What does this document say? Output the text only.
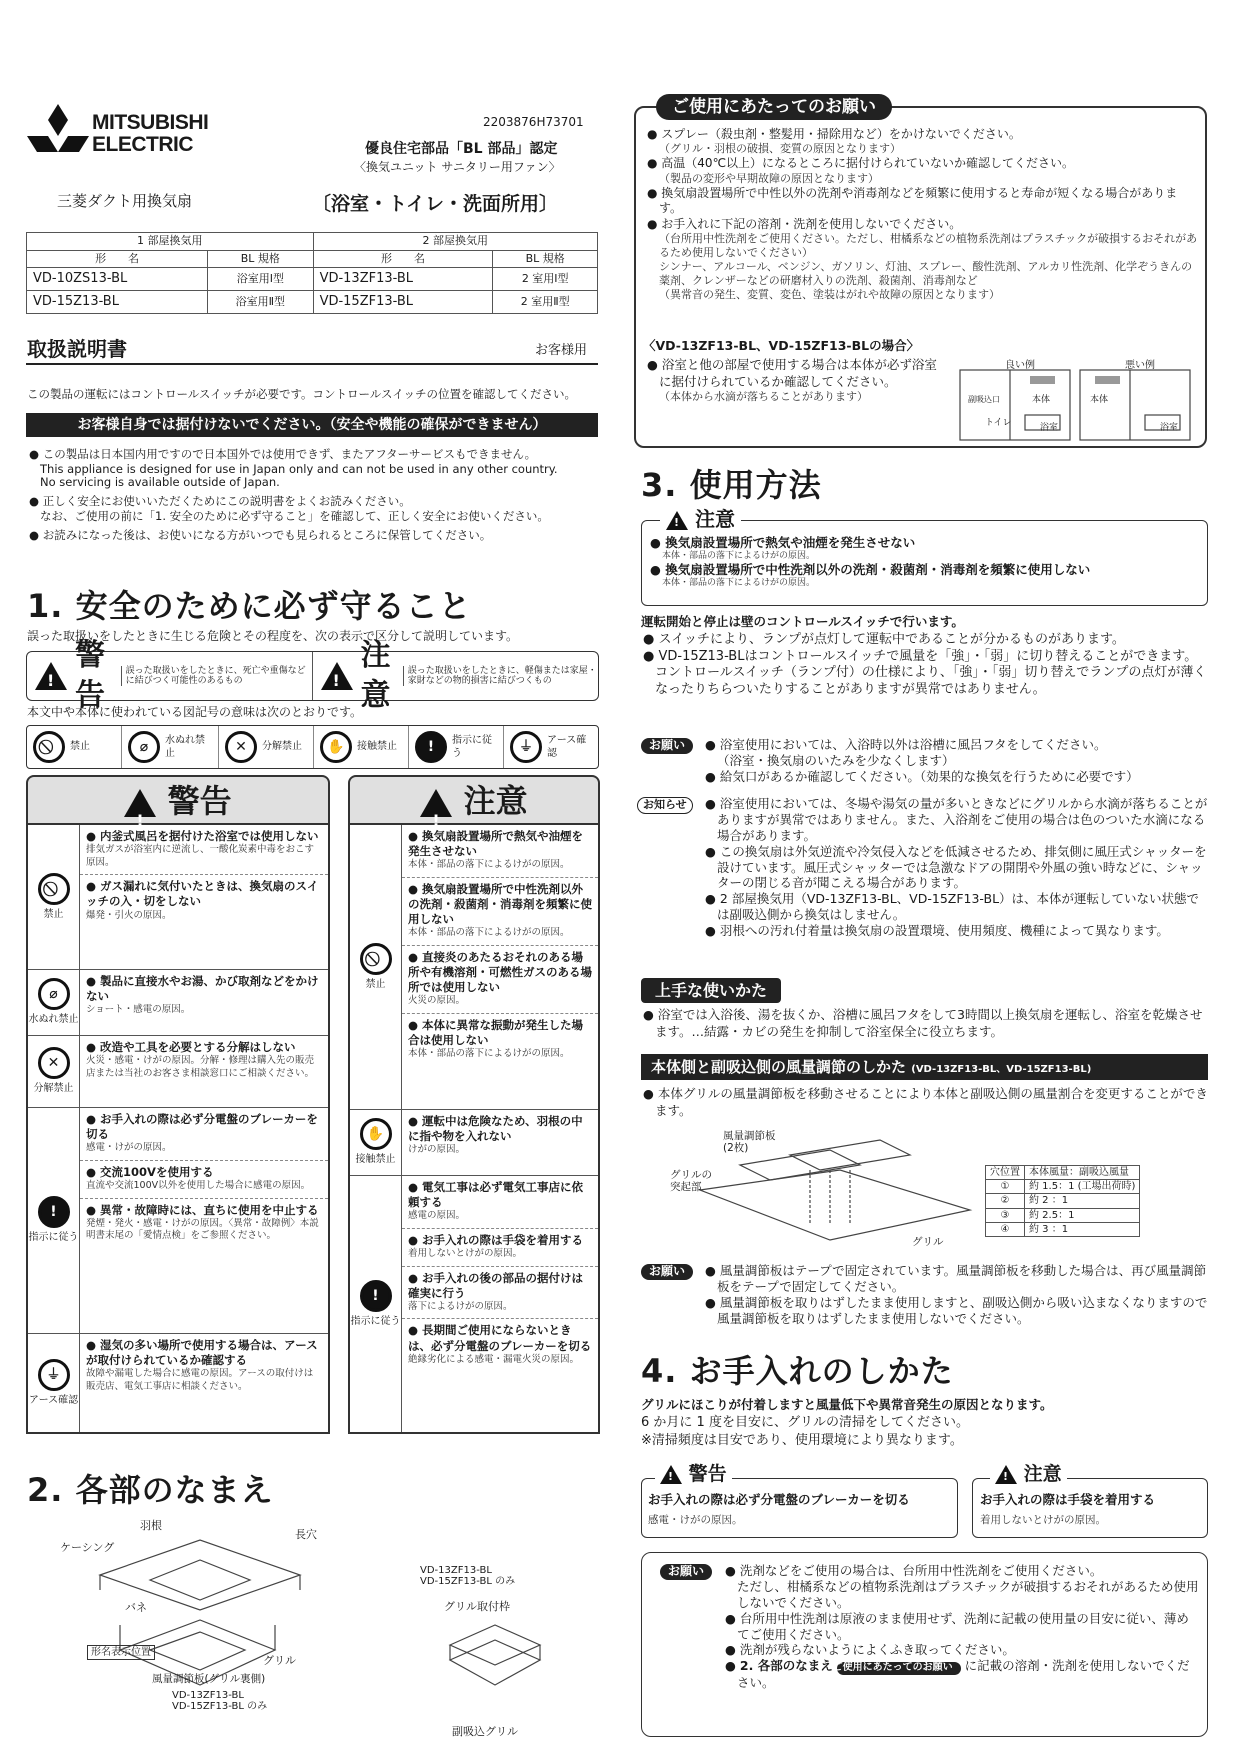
MITSUBISHI
ELECTRIC
2203876H73701
優良住宅部品「BL 部品」認定
〈換気ユニット サニタリー用ファン〉
三菱ダクト用換気扇	〔浴室・トイレ・洗面所用〕
1 部屋換気用		2 部屋換気用	
形　　名	BL 規格	形　　名	BL 規格
VD-10ZS13-BL	浴室用Ⅰ型	VD-13ZF13-BL	2 室用Ⅰ型
VD-15Z13-BL	浴室用Ⅱ型	VD-15ZF13-BL	2 室用Ⅱ型
取扱説明書	お客様用
この製品の運転にはコントロールスイッチが必要です。コントロールスイッチの位置を確認してください。
お客様自身では据付けないでください。（安全や機能の確保ができません）
● この製品は日本国内用ですので日本国外では使用できず、またアフターサービスもできません。
This appliance is designed for use in Japan only and can not be used in any other country.
No servicing is available outside of Japan.
● 正しく安全にお使いいただくためにこの説明書をよくお読みください。
なお、ご使用の前に「1. 安全のために必ず守ること」を確認して、正しく安全にお使いください。
● お読みになった後は、お使いになる方がいつでも見られるところに保管してください。
1. 安全のために必ず守ること
誤った取扱いをしたときに生じる危険とその程度を、次の表示で区分して説明しています。
!
警告
誤った取扱いをしたときに、死亡や重傷などに結びつく可能性のあるもの
!
注意
誤った取扱いをしたときに、軽傷または家屋・家財などの物的損害に結びつくもの
本文中や本体に使われている図記号の意味は次のとおりです。
禁止	⌀	水ぬれ禁止	✕	分解禁止	✋	接触禁止	!	指示に従う	⏚	アース確認
! 警告
禁止
● 内釜式風呂を据付けた浴室では使用しない
排気ガスが浴室内に逆流し、一酸化炭素中毒をおこす原因。
● ガス漏れに気付いたときは、換気扇のスイッチの入・切をしない
爆発・引火の原因。
⌀
水ぬれ禁止
● 製品に直接水やお湯、かび取剤などをかけない
ショート・感電の原因。
✕
分解禁止
● 改造や工具を必要とする分解はしない
火災・感電・けがの原因。分解・修理は購入先の販売店または当社のお客さま相談窓口にご相談ください。
!
指示に従う
● お手入れの際は必ず分電盤のブレーカーを切る
感電・けがの原因。
● 交流100Vを使用する
直流や交流100V以外を使用した場合に感電の原因。
● 異常・故障時には、直ちに使用を中止する
発煙・発火・感電・けがの原因。〈異常・故障例〉本説明書末尾の「愛情点検」をご参照ください。
⏚
アース確認
● 湿気の多い場所で使用する場合は、アースが取付けられているか確認する
故障や漏電した場合に感電の原因。アースの取付けは販売店、電気工事店に相談ください。
! 注意
禁止
● 換気扇設置場所で熱気や油煙を発生させない
本体・部品の落下によるけがの原因。
● 換気扇設置場所で中性洗剤以外の洗剤・殺菌剤・消毒剤を頻繁に使用しない
本体・部品の落下によるけがの原因。
● 直接炎のあたるおそれのある場所や有機溶剤・可燃性ガスのある場所では使用しない
火災の原因。
● 本体に異常な振動が発生した場合は使用しない
本体・部品の落下によるけがの原因。
✋
接触禁止
● 運転中は危険なため、羽根の中に指や物を入れない
けがの原因。
!
指示に従う
● 電気工事は必ず電気工事店に依頼する
感電の原因。
● お手入れの際は手袋を着用する
着用しないとけがの原因。
● お手入れの後の部品の据付けは確実に行う
落下によるけがの原因。
● 長期間ご使用にならないときは、必ず分電盤のブレーカーを切る
絶縁劣化による感電・漏電火災の原因。
2. 各部のなまえ
羽根
長穴
ケーシング
バネ
形名表示位置
グリル
風量調節板(グリル裏側)
VD-13ZF13-BL
VD-15ZF13-BL のみ
VD-13ZF13-BL
VD-15ZF13-BL のみ
グリル取付枠
副吸込グリル
ご使用にあたってのお願い
● スプレー（殺虫剤・整髪用・掃除用など）をかけないでください。
（グリル・羽根の破損、変質の原因となります）
● 高温（40℃以上）になるところに据付けられていないか確認してください。
（製品の変形や早期故障の原因となります）
● 換気扇設置場所で中性以外の洗剤や消毒剤などを頻繁に使用すると寿命が短くなる場合があります。
● お手入れに下記の溶剤・洗剤を使用しないでください。
（台所用中性洗剤をご使用ください。ただし、柑橘系などの植物系洗剤はプラスチックが破損するおそれがあるため使用しないでください）
シンナー、アルコール、ベンジン、ガソリン、灯油、スプレー、酸性洗剤、アルカリ性洗剤、化学ぞうきんの薬剤、クレンザーなどの研磨材入りの洗剤、殺菌剤、消毒剤など
（異常音の発生、変質、変色、塗装はがれや故障の原因となります）
〈VD-13ZF13-BL、VD-15ZF13-BLの場合〉
● 浴室と他の部屋で使用する場合は本体が必ず浴室に据付けられているか確認してください。
（本体から水滴が落ちることがあります）
良い例	悪い例
本体
浴室
副吸込口
トイレ
本体
浴室
3. 使用方法
! 注意
● 換気扇設置場所で熱気や油煙を発生させない
本体・部品の落下によるけがの原因。
● 換気扇設置場所で中性洗剤以外の洗剤・殺菌剤・消毒剤を頻繁に使用しない
本体・部品の落下によるけがの原因。
運転開始と停止は壁のコントロールスイッチで行います。
● スイッチにより、ランプが点灯して運転中であることが分かるものがあります。
● VD-15Z13-BLはコントロールスイッチで風量を「強」・「弱」に切り替えることができます。
コントロールスイッチ（ランプ付）の仕様により、「強」・「弱」切り替えでランプの点灯が薄くなったりちらついたりすることがありますが異常ではありません。
お願い	● 浴室使用においては、入浴時以外は浴槽に風呂フタをしてください。
（浴室・換気扇のいたみを少なくします）
● 給気口があるか確認してください。（効果的な換気を行うために必要です）
お知らせ	● 浴室使用においては、冬場や湯気の量が多いときなどにグリルから水滴が落ちることがありますが異常ではありません。また、入浴剤をご使用の場合は色のついた水滴になる場合があります。
● この換気扇は外気逆流や冷気侵入などを低減させるため、排気側に風圧式シャッターを設けています。風圧式シャッターでは急激なドアの開閉や外風の強い時などに、シャッターの閉じる音が聞こえる場合があります。
● 2 部屋換気用（VD-13ZF13-BL、VD-15ZF13-BL）は、本体が運転していない状態では副吸込側から換気はしません。
● 羽根への汚れ付着量は換気扇の設置環境、使用頻度、機種によって異なります。
上手な使いかた
● 浴室では入浴後、湯を抜くか、浴槽に風呂フタをして3時間以上換気扇を運転し、浴室を乾燥させます。…結露・カビの発生を抑制して浴室保全に役立ちます。
本体側と副吸込側の風量調節のしかた (VD-13ZF13-BL、VD-15ZF13-BL)
● 本体グリルの風量調節板を移動させることにより本体と副吸込側の風量割合を変更することができます。
風量調節板
(2枚)
グリルの
突起部
グリル
穴位置	本体風量：副吸込風量
①	約 1.5：1 (工場出荷時)
②	約 2 ：1
③	約 2.5：1
④	約 3 ：1
お願い	● 風量調節板はテープで固定されています。風量調節板を移動した場合は、再び風量調節板をテープで固定してください。
● 風量調節板を取りはずしたまま使用しますと、副吸込側から吸い込まなくなりますので風量調節板を取りはずしたまま使用しないでください。
4. お手入れのしかた
グリルにほこりが付着しますと風量低下や異常音発生の原因となります。
6 か月に 1 度を目安に、グリルの清掃をしてください。
※清掃頻度は目安であり、使用環境により異なります。
! 警告
お手入れの際は必ず分電盤のブレーカーを切る
感電・けがの原因。
! 注意
お手入れの際は手袋を着用する
着用しないとけがの原因。
お願い	● 洗剤などをご使用の場合は、台所用中性洗剤をご使用ください。
ただし、柑橘系などの植物系洗剤はプラスチックが破損するおそれがあるため使用しないでください。
● 台所用中性洗剤は原液のまま使用せず、洗剤に記載の使用量の目安に従い、薄めてご使用ください。
● 洗剤が残らないようによくふき取ってください。
● 2. 各部のなまえ ご使用にあたってのお願い に記載の溶剤・洗剤を使用しないでください。
